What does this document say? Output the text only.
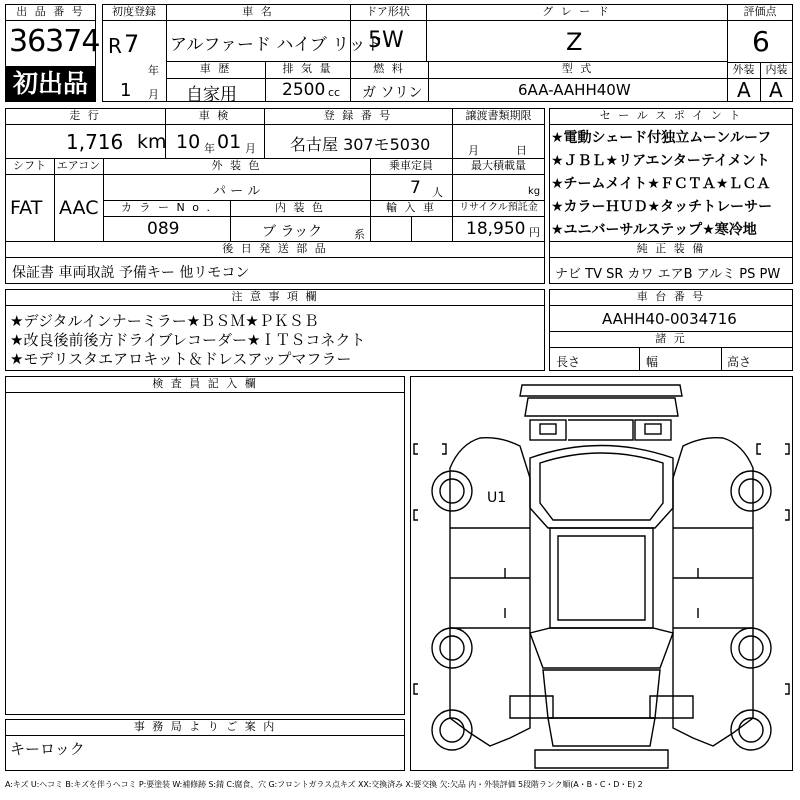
出 品 番 号
36374
初出品
初度登録
R 7
年
1 月
車 名
アルファード ハイブ リッド
ドア形状
5W
グ レ ー ド
Z
評価点
6
車 歴
自家用
排 気 量
2500 cc
燃 料
ガ ソリン
型 式
6AA-AAHH40W
外装	内装
A A
走 行
1,716 km
車 検
10 年 01 月
登 録 番 号
名古屋 307モ5030
譲渡書類期限
月	日
シフト
FAT
エアコン
AAC
外 装 色
パ ー ル
乗車定員
7 人
最大積載量
kg
カ ラ ー N o .
089
内 装 色
ブ ラック	系
輸 入 車	リサイクル預託金
18,950 円
後 日 発 送 部 品
保証書 車両取説 予備キー 他リモコン
セ ー ル ス ポ イ ン ト
★電動シェード付独立ムーンルーフ
★ＪＢＬ★リアエンターテイメント
★チームメイト★ＦＣＴＡ★ＬＣＡ
★カラーＨＵＤ★タッチトレーサー
★ユニバーサルステップ★寒冷地
純 正 装 備
ナビ TV SR カワ エアB アルミ PS PW
注 意 事 項 欄
★デジタルインナーミラー★ＢＳＭ★ＰＫＳＢ
★改良後前後方ドライブレコーダー★ＩＴＳコネクト
★モデリスタエアロキット＆ドレスアップマフラー
車 台 番 号
AAHH40-0034716
諸 元
長さ	幅	高さ
検 査 員 記 入 欄
U1
事 務 局 よ り ご 案 内
キーロック
A:キズ U:ヘコミ B:キズを伴うヘコミ P:要塗装 W:補修跡 S:錆 C:腐食、穴 G:フロントガラス点キズ XX:交換済み X:要交換 欠:欠品 内・外装評価 5段階ランク順(A・B・C・D・E) 2
